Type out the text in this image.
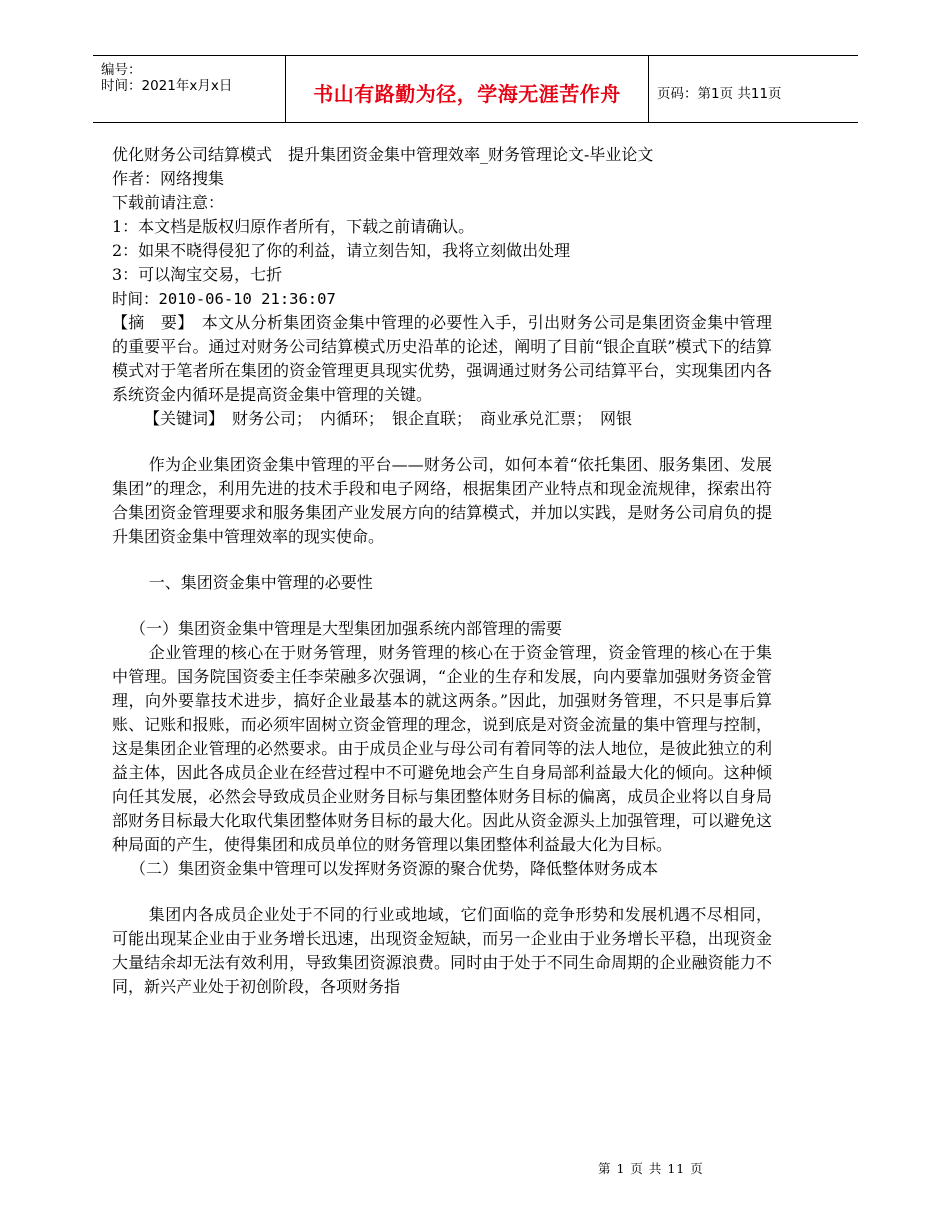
编号：
时间：2021年x月x日	书山有路勤为径，学海无涯苦作舟	页码：第1页 共11页
优化财务公司结算模式　提升集团资金集中管理效率_财务管理论文-毕业论文
作者：网络搜集
下载前请注意：
1：本文档是版权归原作者所有，下载之前请确认。
2：如果不晓得侵犯了你的利益，请立刻告知，我将立刻做出处理
3：可以淘宝交易，七折
时间：2010-06-10 21:36:07

【摘　要】　本文从分析集团资金集中管理的必要性入手，引出财务公司是集团资金集中管理的重要平台。通过对财务公司结算模式历史沿革的论述，阐明了目前“银企直联”模式下的结算模式对于笔者所在集团的资金管理更具现实优势，强调通过财务公司结算平台，实现集团内各系统资金内循环是提高资金集中管理的关键。

【关键词】　财务公司；　内循环；　银企直联；　商业承兑汇票；　网银

作为企业集团资金集中管理的平台——财务公司，如何本着“依托集团、服务集团、发展集团”的理念，利用先进的技术手段和电子网络，根据集团产业特点和现金流规律，探索出符合集团资金管理要求和服务集团产业发展方向的结算模式，并加以实践，是财务公司肩负的提升集团资金集中管理效率的现实使命。

一、集团资金集中管理的必要性
（一）集团资金集中管理是大型集团加强系统内部管理的需要

企业管理的核心在于财务管理，财务管理的核心在于资金管理，资金管理的核心在于集中管理。国务院国资委主任李荣融多次强调，“企业的生存和发展，向内要靠加强财务资金管理，向外要靠技术进步，搞好企业最基本的就这两条。”因此，加强财务管理，不只是事后算账、记账和报账，而必须牢固树立资金管理的理念，说到底是对资金流量的集中管理与控制，这是集团企业管理的必然要求。由于成员企业与母公司有着同等的法人地位，是彼此独立的利益主体，因此各成员企业在经营过程中不可避免地会产生自身局部利益最大化的倾向。这种倾向任其发展，必然会导致成员企业财务目标与集团整体财务目标的偏离，成员企业将以自身局部财务目标最大化取代集团整体财务目标的最大化。因此从资金源头上加强管理，可以避免这种局面的产生，使得集团和成员单位的财务管理以集团整体利益最大化为目标。

（二）集团资金集中管理可以发挥财务资源的聚合优势，降低整体财务成本

集团内各成员企业处于不同的行业或地域，它们面临的竞争形势和发展机遇不尽相同，可能出现某企业由于业务增长迅速，出现资金短缺，而另一企业由于业务增长平稳，出现资金大量结余却无法有效利用，导致集团资源浪费。同时由于处于不同生命周期的企业融资能力不同，新兴产业处于初创阶段，各项财务指

第 1 页 共 11 页
